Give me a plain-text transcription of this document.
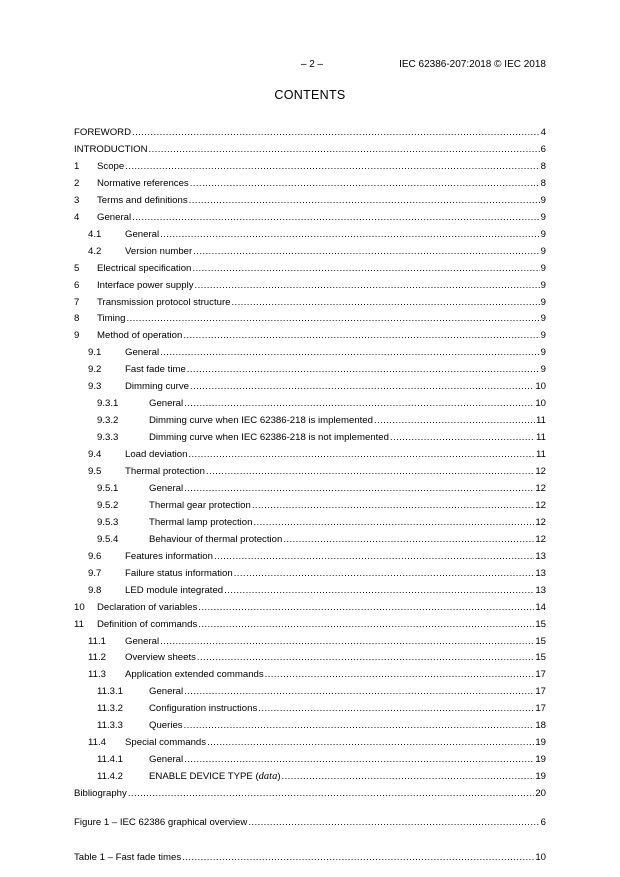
– 2 –	IEC 62386-207:2018 © IEC 2018
CONTENTS
FOREWORD .....	4
INTRODUCTION .....	6
1	Scope .....	8
2	Normative references .....	8
3	Terms and definitions .....	9
4	General .....	9
4.1	General .....	9
4.2	Version number .....	9
5	Electrical specification .....	9
6	Interface power supply .....	9
7	Transmission protocol structure .....	9
8	Timing .....	9
9	Method of operation .....	9
9.1	General .....	9
9.2	Fast fade time .....	9
9.3	Dimming curve .....	10
9.3.1	General .....	10
9.3.2	Dimming curve when IEC 62386-218 is implemented .....	11
9.3.3	Dimming curve when IEC 62386-218 is not implemented .....	11
9.4	Load deviation .....	11
9.5	Thermal protection .....	12
9.5.1	General .....	12
9.5.2	Thermal gear protection .....	12
9.5.3	Thermal lamp protection .....	12
9.5.4	Behaviour of thermal protection .....	12
9.6	Features information .....	13
9.7	Failure status information .....	13
9.8	LED module integrated .....	13
10	Declaration of variables .....	14
11	Definition of commands .....	15
11.1	General .....	15
11.2	Overview sheets .....	15
11.3	Application extended commands .....	17
11.3.1	General .....	17
11.3.2	Configuration instructions .....	17
11.3.3	Queries .....	18
11.4	Special commands .....	19
11.4.1	General .....	19
11.4.2	ENABLE DEVICE TYPE (data) .....	19
Bibliography .....	20
Figure 1 – IEC 62386 graphical overview .....	6
Table 1 – Fast fade times .....	10
